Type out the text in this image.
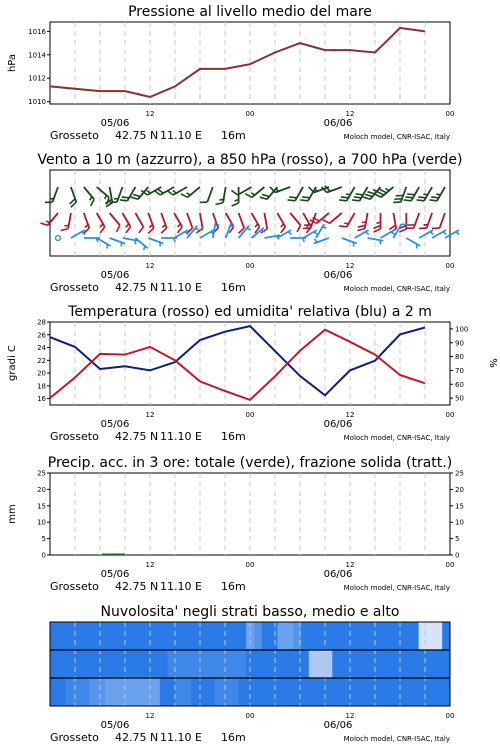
12	00	12	00
05/06	06/06
Grosseto 42.75 N 11.10 E 16m	Moloch model, CNR-ISAC, Italy
Pressione al livello medio del mare
1010
1012
1014
1016
hPa
12	00	12	00
05/06	06/06
Grosseto 42.75 N 11.10 E 16m	Moloch model, CNR-ISAC, Italy
Vento a 10 m (azzurro), a 850 hPa (rosso), a 700 hPa (verde)
12	00	12	00
05/06	06/06
Grosseto 42.75 N 11.10 E 16m	Moloch model, CNR-ISAC, Italy
Temperatura (rosso) ed umidita' relativa (blu) a 2 m
16
18
20
22
24
26
28
50
60
70
80
90
100
gradi C	%
12	00	12	00
05/06	06/06
Grosseto 42.75 N 11.10 E 16m	Moloch model, CNR-ISAC, Italy
Precip. acc. in 3 ore: totale (verde), frazione solida (tratt.)
0	0
5	5
10	10
15	15
20	20
25	25
mm
12	00	12	00
05/06	06/06
Grosseto 42.75 N 11.10 E 16m	Moloch model, CNR-ISAC, Italy
Nuvolosita' negli strati basso, medio e alto
